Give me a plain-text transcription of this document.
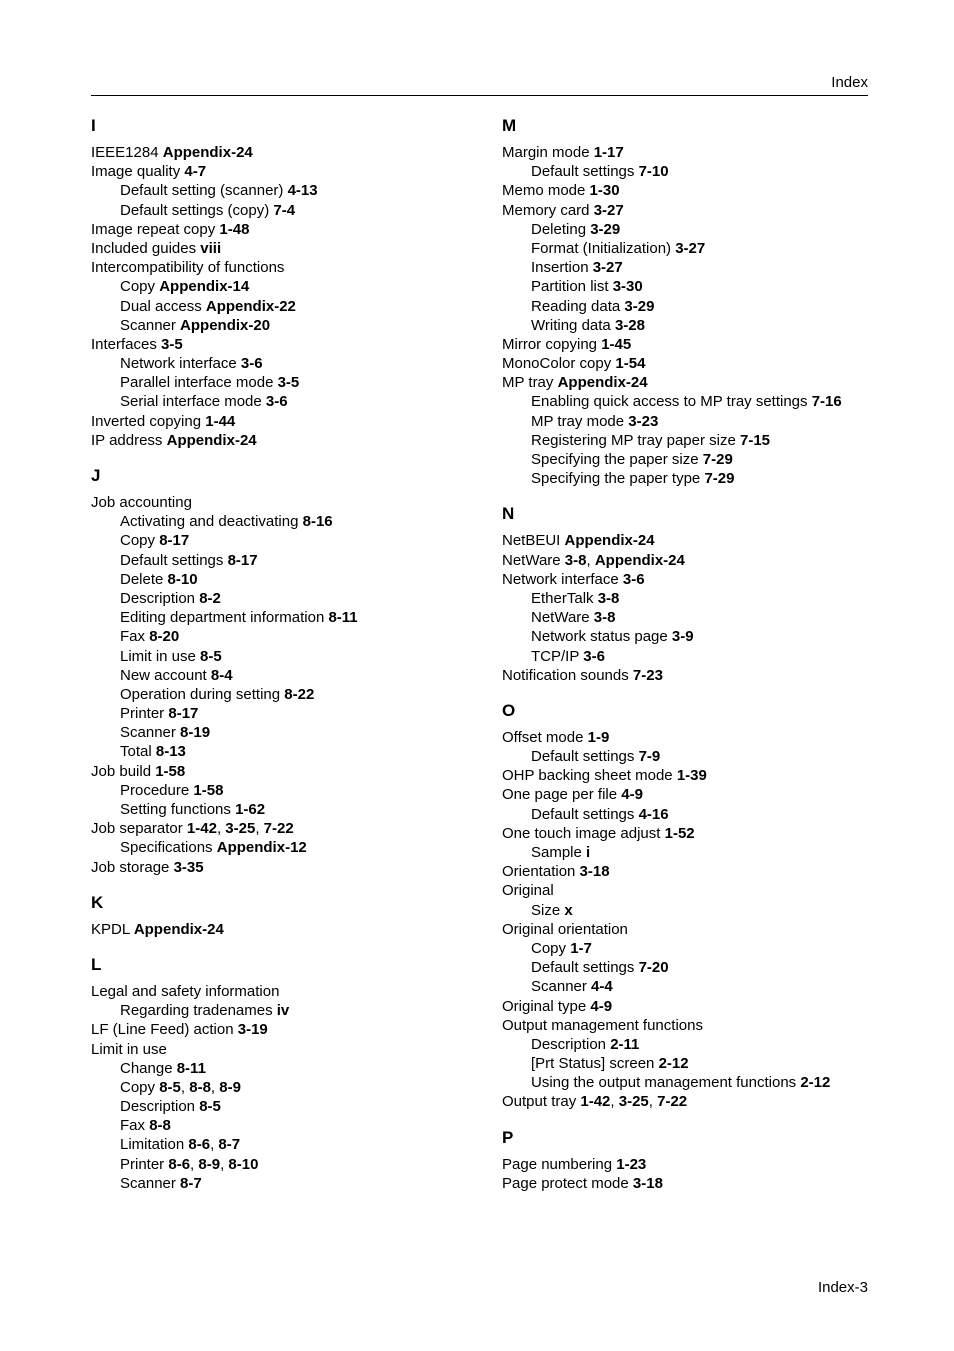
Index
I
IEEE1284 Appendix-24
Image quality 4-7
Default setting (scanner) 4-13
Default settings (copy) 7-4
Image repeat copy 1-48
Included guides viii
Intercompatibility of functions
Copy Appendix-14
Dual access Appendix-22
Scanner Appendix-20
Interfaces 3-5
Network interface 3-6
Parallel interface mode 3-5
Serial interface mode 3-6
Inverted copying 1-44
IP address Appendix-24
J
Job accounting
Activating and deactivating 8-16
Copy 8-17
Default settings 8-17
Delete 8-10
Description 8-2
Editing department information 8-11
Fax 8-20
Limit in use 8-5
New account 8-4
Operation during setting 8-22
Printer 8-17
Scanner 8-19
Total 8-13
Job build 1-58
Procedure 1-58
Setting functions 1-62
Job separator 1-42, 3-25, 7-22
Specifications Appendix-12
Job storage 3-35
K
KPDL Appendix-24
L
Legal and safety information
Regarding tradenames iv
LF (Line Feed) action 3-19
Limit in use
Change 8-11
Copy 8-5, 8-8, 8-9
Description 8-5
Fax 8-8
Limitation 8-6, 8-7
Printer 8-6, 8-9, 8-10
Scanner 8-7
M
Margin mode 1-17
Default settings 7-10
Memo mode 1-30
Memory card 3-27
Deleting 3-29
Format (Initialization) 3-27
Insertion 3-27
Partition list 3-30
Reading data 3-29
Writing data 3-28
Mirror copying 1-45
MonoColor copy 1-54
MP tray Appendix-24
Enabling quick access to MP tray settings 7-16
MP tray mode 3-23
Registering MP tray paper size 7-15
Specifying the paper size 7-29
Specifying the paper type 7-29
N
NetBEUI Appendix-24
NetWare 3-8, Appendix-24
Network interface 3-6
EtherTalk 3-8
NetWare 3-8
Network status page 3-9
TCP/IP 3-6
Notification sounds 7-23
O
Offset mode 1-9
Default settings 7-9
OHP backing sheet mode 1-39
One page per file 4-9
Default settings 4-16
One touch image adjust 1-52
Sample i
Orientation 3-18
Original
Size x
Original orientation
Copy 1-7
Default settings 7-20
Scanner 4-4
Original type 4-9
Output management functions
Description 2-11
[Prt Status] screen 2-12
Using the output management functions 2-12
Output tray 1-42, 3-25, 7-22
P
Page numbering 1-23
Page protect mode 3-18
Index-3
